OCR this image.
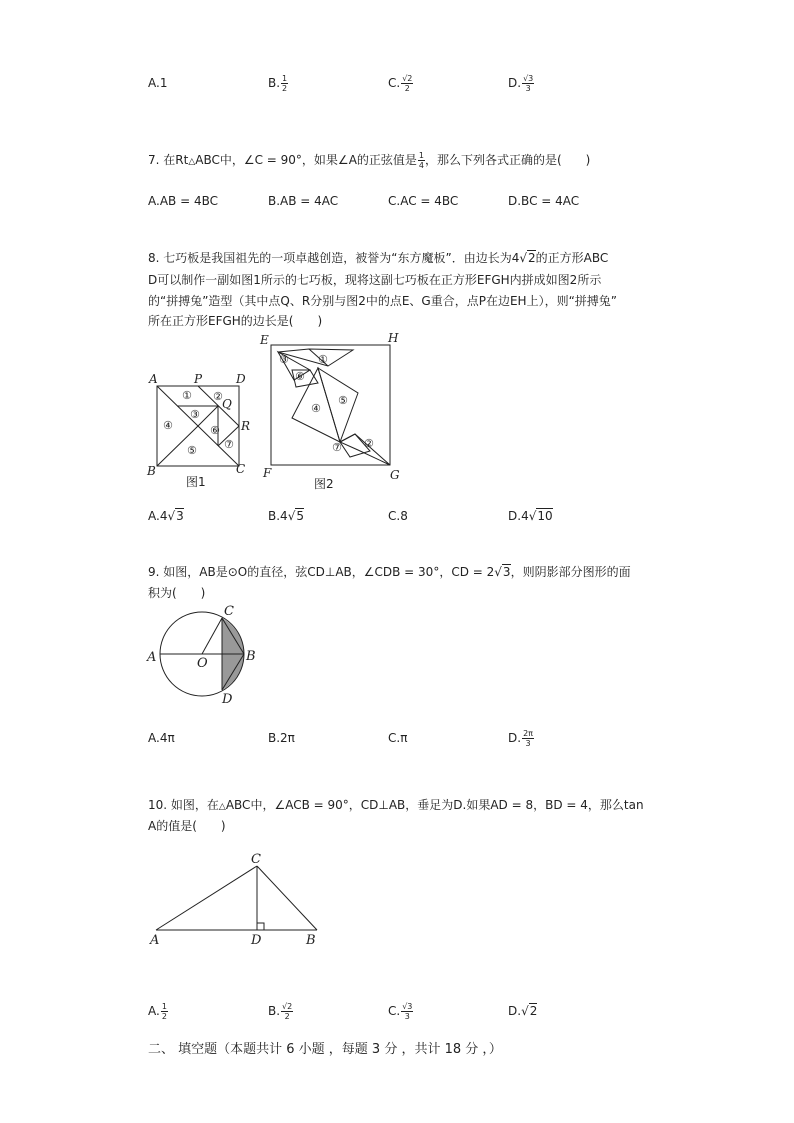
A.1	B. $\frac{1}{2}$	C. $\frac{√2}{2}$	D. $\frac{√3}{3}$
7. 在Rt△ABC中，∠C = 90°，如果∠A的正弦值是 $\frac{1}{4}$ ，那么下列各式正确的是(　　)
A.AB = 4BC	B.AB = 4AC	C.AC = 4BC	D.BC = 4AC
8. 七巧板是我国祖先的一项卓越创造，被誉为“东方魔板”．由边长为4 √ 2的正方形ABC
D可以制作一副如图1所示的七巧板，现将这副七巧板在正方形EFGH内拼成如图2所示
的“拼搏兔”造型（其中点Q、R分别与图2中的点E、G重合，点P在边EH上），则“拼搏兔”
所在正方形EFGH的边长是(　　)
A	P	D
Q
R
B	C
① ②
③
④
⑤
⑥
⑦
图1
E	H
F	G
①
②
③
④
⑤
⑥
⑦
图2
A.4 √ 3	B.4 √ 5	C.8	D.4 √ 10
9. 如图，AB是⊙O的直径，弦CD⊥AB，∠CDB = 30°，CD = 2 √ 3，则阴影部分图形的面
积为(　　)
C
A	B
O
D
A.4π	B.2π	C.π	D. $\frac{2\pi}{3}$
10. 如图，在△ABC中，∠ACB = 90°，CD⊥AB，垂足为D.如果AD = 8，BD = 4，那么tan
A的值是(　　)
C
A	D	B
A. $\frac{1}{2}$	B. $\frac{√2}{2}$	C. $\frac{√3}{3}$	D. √ 2
二、 填空题（本题共计 6 小题 ，每题 3 分 ，共计 18 分 ，）
